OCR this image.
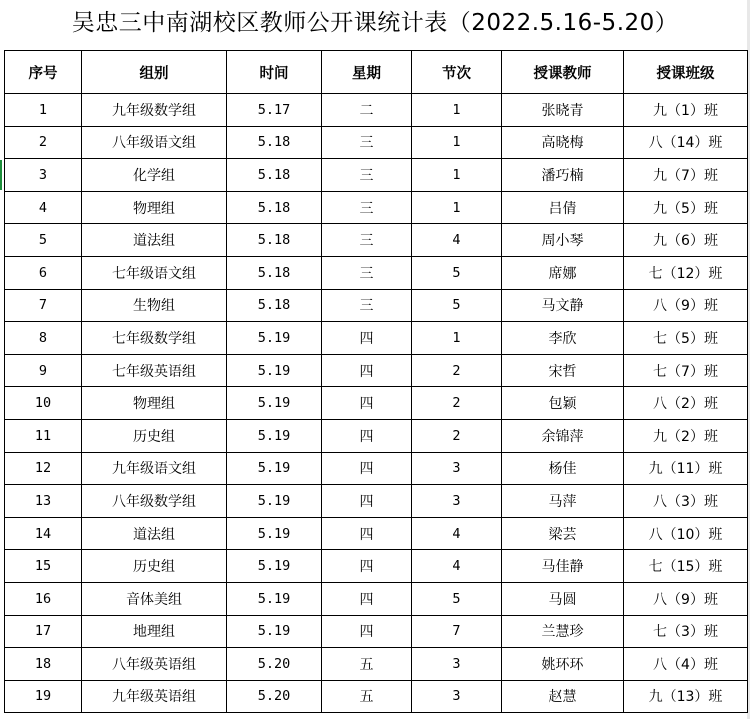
吴忠三中南湖校区教师公开课统计表（2022.5.16-5.20）
序号	组别	时间	星期	节次	授课教师	授课班级
1	九年级数学组	5.17	二	1	张晓青	九（1）班
2	八年级语文组	5.18	三	1	高晓梅	八（14）班
3	化学组	5.18	三	1	潘巧楠	九（7）班
4	物理组	5.18	三	1	吕倩	九（5）班
5	道法组	5.18	三	4	周小琴	九（6）班
6	七年级语文组	5.18	三	5	席娜	七（12）班
7	生物组	5.18	三	5	马文静	八（9）班
8	七年级数学组	5.19	四	1	李欣	七（5）班
9	七年级英语组	5.19	四	2	宋哲	七（7）班
10	物理组	5.19	四	2	包颖	八（2）班
11	历史组	5.19	四	2	余锦萍	九（2）班
12	九年级语文组	5.19	四	3	杨佳	九（11）班
13	八年级数学组	5.19	四	3	马萍	八（3）班
14	道法组	5.19	四	4	梁芸	八（10）班
15	历史组	5.19	四	4	马佳静	七（15）班
16	音体美组	5.19	四	5	马圆	八（9）班
17	地理组	5.19	四	7	兰慧珍	七（3）班
18	八年级英语组	5.20	五	3	姚环环	八（4）班
19	九年级英语组	5.20	五	3	赵慧	九（13）班
